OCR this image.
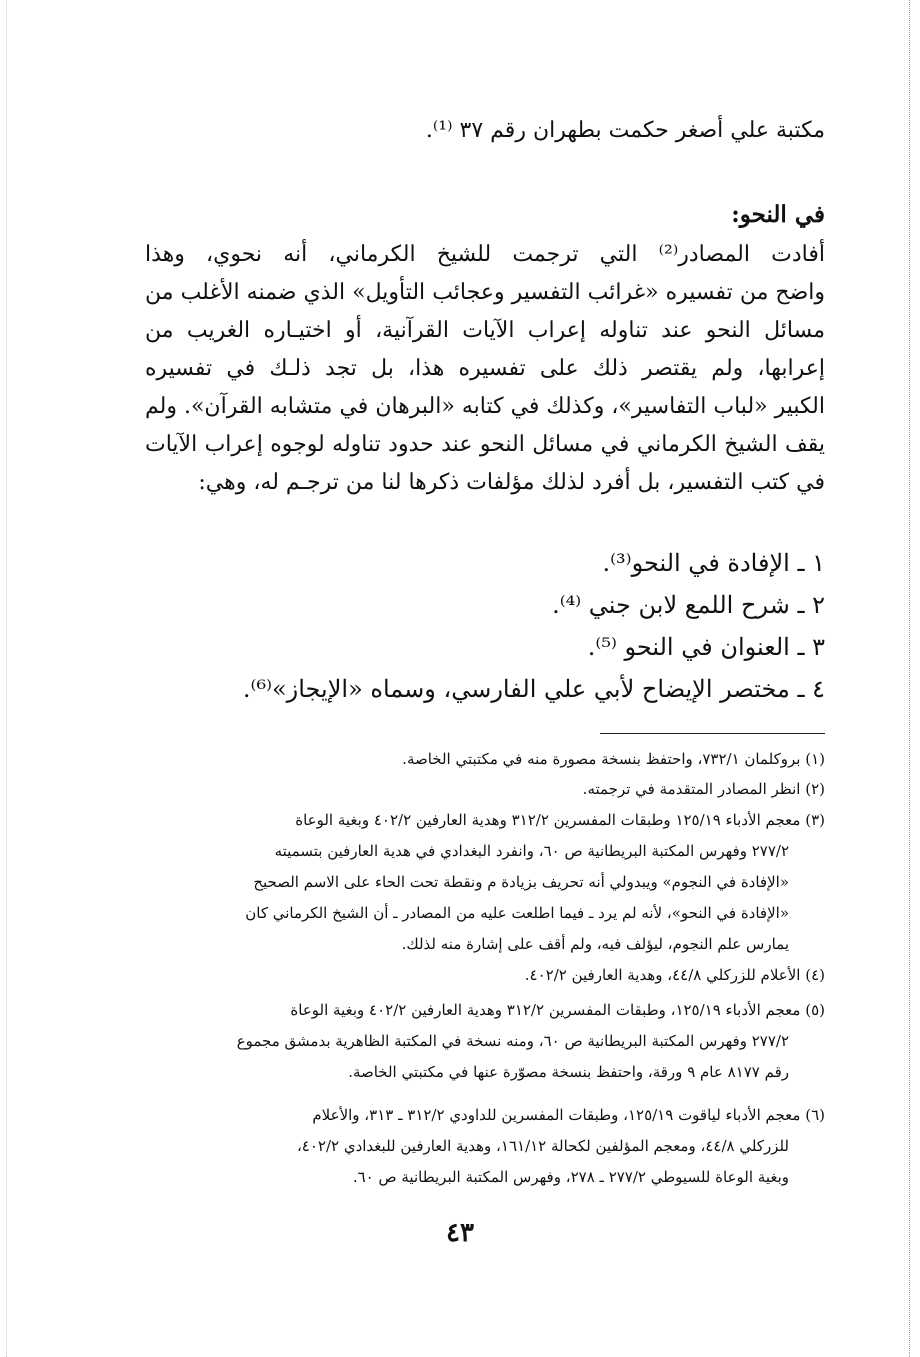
مكتبة علي أصغر حكمت بطهران رقم ٣٧ ⁽¹⁾.
في النحو:
أفادت المصادر⁽²⁾ التي ترجمت للشيخ الكرماني، أنه نحوي، وهذا
واضح من تفسيره «غرائب التفسير وعجائب التأويل» الذي ضمنه الأغلب من
مسائل النحو عند تناوله إعراب الآيات القرآنية، أو اختيـاره الغريب من
إعرابها، ولم يقتصر ذلك على تفسيره هذا، بل تجد ذلـك في تفسيره
الكبير «لباب التفاسير»، وكذلك في كتابه «البرهان في متشابه القرآن». ولم
يقف الشيخ الكرماني في مسائل النحو عند حدود تناوله لوجوه إعراب الآيات
في كتب التفسير، بل أفرد لذلك مؤلفات ذكرها لنا من ترجـم له، وهي:
١ ـ الإفادة في النحو⁽³⁾.
٢ ـ شرح اللمع لابن جني ⁽⁴⁾.
٣ ـ العنوان في النحو ⁽⁵⁾.
٤ ـ مختصر الإيضاح لأبي علي الفارسي، وسماه «الإيجاز»⁽⁶⁾.
(١) بروكلمان ٧٣٢/١، واحتفظ بنسخة مصورة منه في مكتبتي الخاصة.
(٢) انظر المصادر المتقدمة في ترجمته.
(٣) معجم الأدباء ١٢٥/١٩ وطبقات المفسرين ٣١٢/٢ وهدية العارفين ٤٠٢/٢ وبغية الوعاة
٢٧٧/٢ وفهرس المكتبة البريطانية ص ٦٠، وانفرد البغدادي في هدية العارفين بتسميته
«الإفادة في النجوم» ويبدولي أنه تحريف بزيادة م ونقطة تحت الحاء على الاسم الصحيح
«الإفادة في النحو»، لأنه لم يرد ـ فيما اطلعت عليه من المصادر ـ أن الشيخ الكرماني كان
يمارس علم النجوم، ليؤلف فيه، ولم أقف على إشارة منه لذلك.
(٤) الأعلام للزركلي ٤٤/٨، وهدية العارفين ٤٠٢/٢.
(٥) معجم الأدباء ١٢٥/١٩، وطبقات المفسرين ٣١٢/٢ وهدية العارفين ٤٠٢/٢ وبغية الوعاة
٢٧٧/٢ وفهرس المكتبة البريطانية ص ٦٠، ومنه نسخة في المكتبة الظاهرية بدمشق مجموع
رقم ٨١٧٧ عام ٩ ورقة، واحتفظ بنسخة مصوّرة عنها في مكتبتي الخاصة.
(٦) معجم الأدباء لياقوت ١٢٥/١٩، وطبقات المفسرين للداودي ٣١٢/٢ ـ ٣١٣، والأعلام
للزركلي ٤٤/٨، ومعجم المؤلفين لكحالة ١٦١/١٢، وهدية العارفين للبغدادي ٤٠٢/٢،
وبغية الوعاة للسيوطي ٢٧٧/٢ ـ ٢٧٨، وفهرس المكتبة البريطانية ص ٦٠.
٤٣
